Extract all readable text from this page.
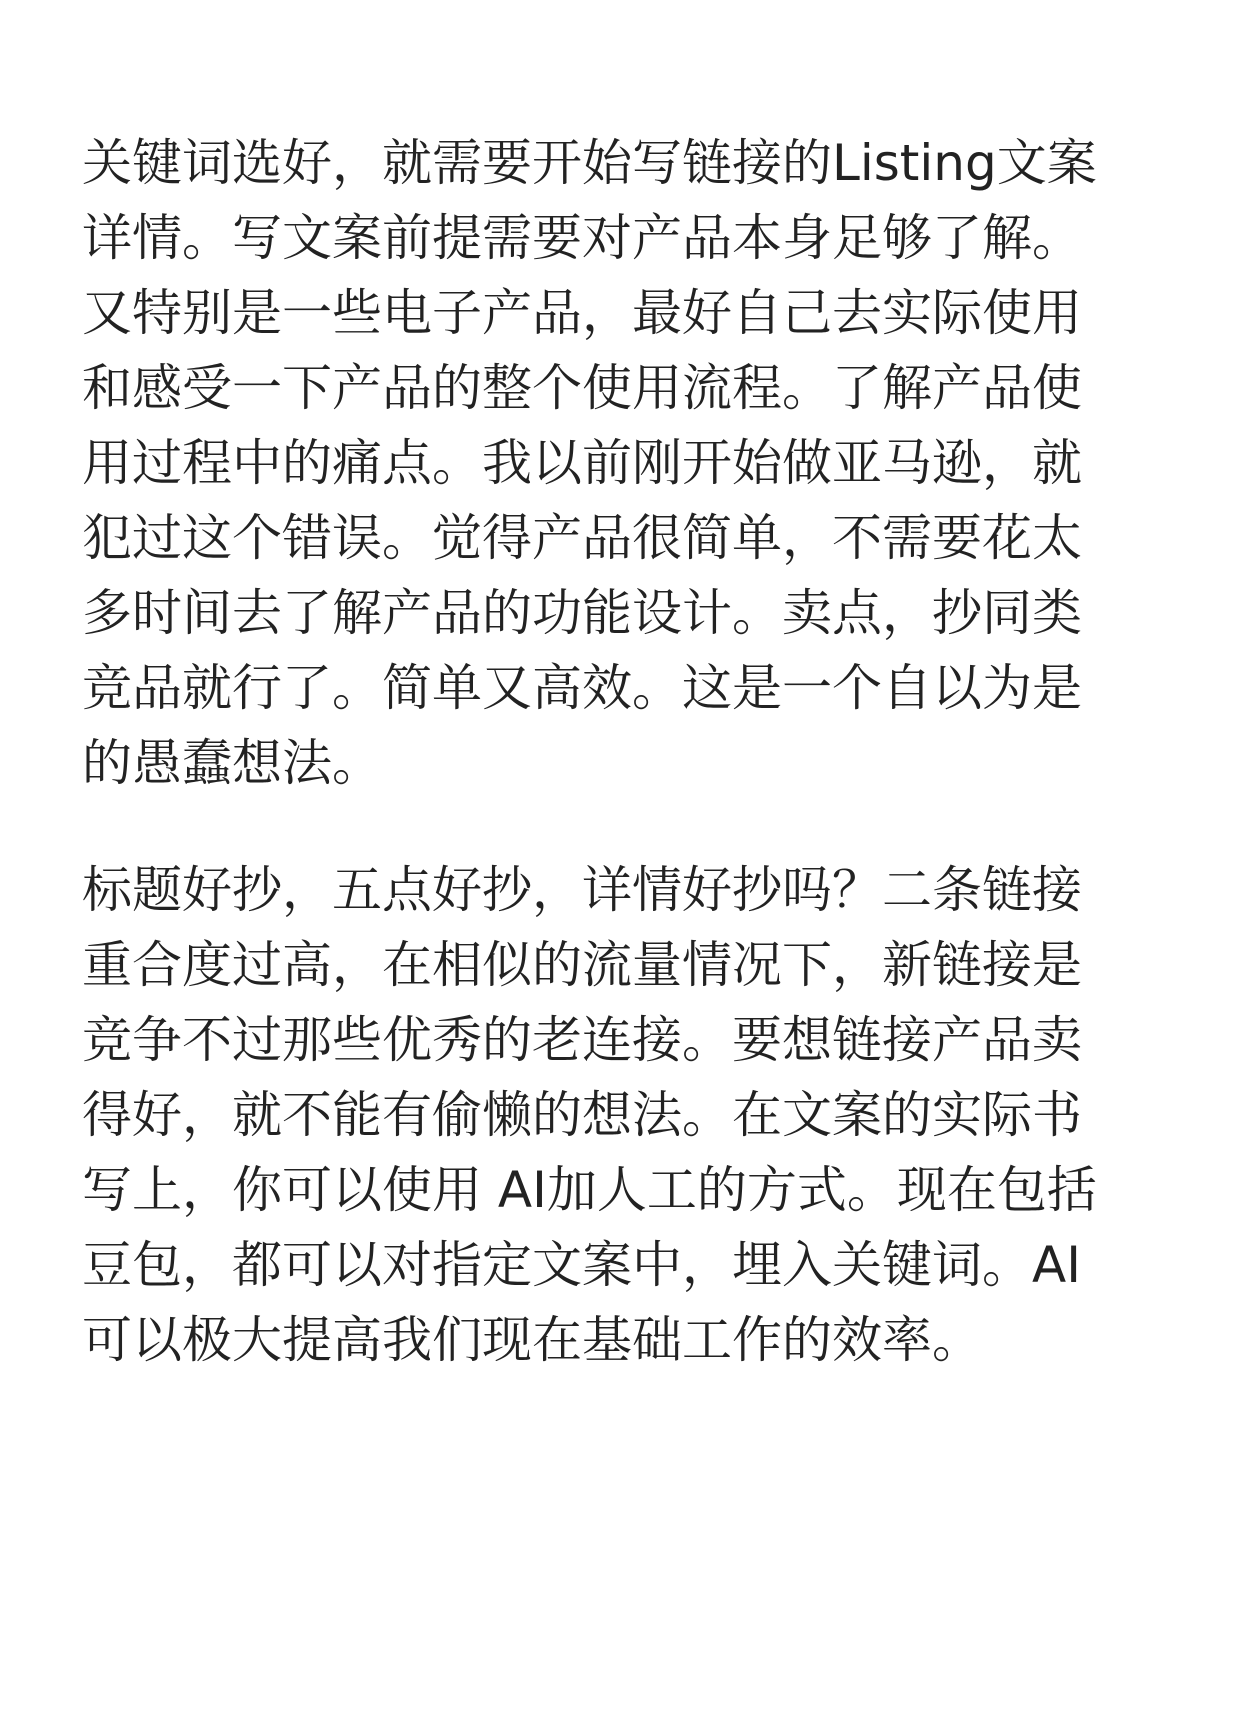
关键词选好，就需要开始写链接的Listing文案
详情。写文案前提需要对产品本身足够了解。
又特别是一些电子产品，最好自己去实际使用
和感受一下产品的整个使用流程。了解产品使
用过程中的痛点。我以前刚开始做亚马逊，就
犯过这个错误。觉得产品很简单，不需要花太
多时间去了解产品的功能设计。卖点，抄同类
竞品就行了。简单又高效。这是一个自以为是
的愚蠢想法。
标题好抄，五点好抄，详情好抄吗？二条链接
重合度过高，在相似的流量情况下，新链接是
竞争不过那些优秀的老连接。要想链接产品卖
得好，就不能有偷懒的想法。在文案的实际书
写上，你可以使用 AI加人工的方式。现在包括
豆包，都可以对指定文案中，埋入关键词。AI
可以极大提高我们现在基础工作的效率。
